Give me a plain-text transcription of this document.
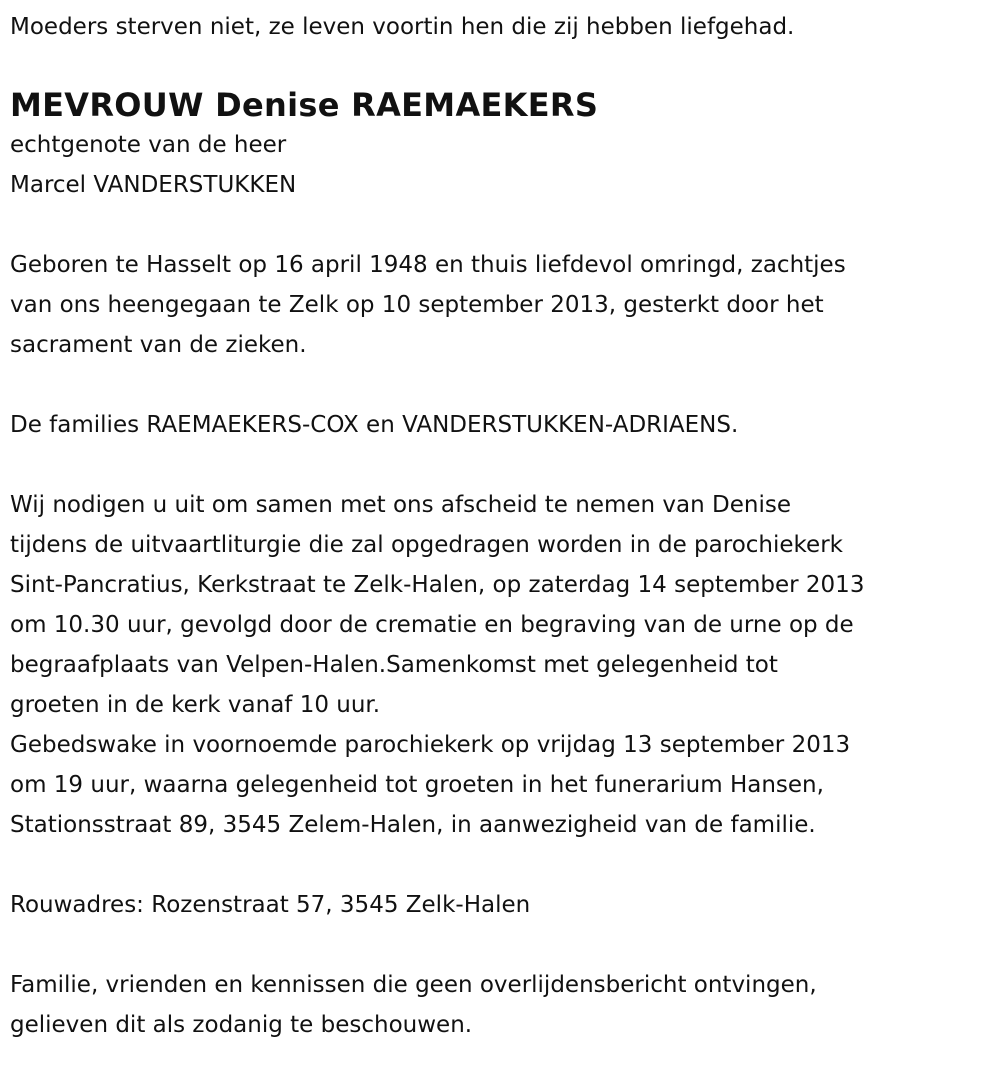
Moeders sterven niet, ze leven voortin hen die zij hebben liefgehad.
MEVROUW Denise RAEMAEKERS
echtgenote van de heer
Marcel VANDERSTUKKEN
Geboren te Hasselt op 16 april 1948 en thuis liefdevol omringd, zachtjes
van ons heengegaan te Zelk op 10 september 2013, gesterkt door het
sacrament van de zieken.
De families RAEMAEKERS-COX en VANDERSTUKKEN-ADRIAENS.
Wij nodigen u uit om samen met ons afscheid te nemen van Denise
tijdens de uitvaartliturgie die zal opgedragen worden in de parochiekerk
Sint-Pancratius, Kerkstraat te Zelk-Halen, op zaterdag 14 september 2013
om 10.30 uur, gevolgd door de crematie en begraving van de urne op de
begraafplaats van Velpen-Halen.Samenkomst met gelegenheid tot
groeten in de kerk vanaf 10 uur.
Gebedswake in voornoemde parochiekerk op vrijdag 13 september 2013
om 19 uur, waarna gelegenheid tot groeten in het funerarium Hansen,
Stationsstraat 89, 3545 Zelem-Halen, in aanwezigheid van de familie.
Rouwadres: Rozenstraat 57, 3545 Zelk-Halen
Familie, vrienden en kennissen die geen overlijdensbericht ontvingen,
gelieven dit als zodanig te beschouwen.
